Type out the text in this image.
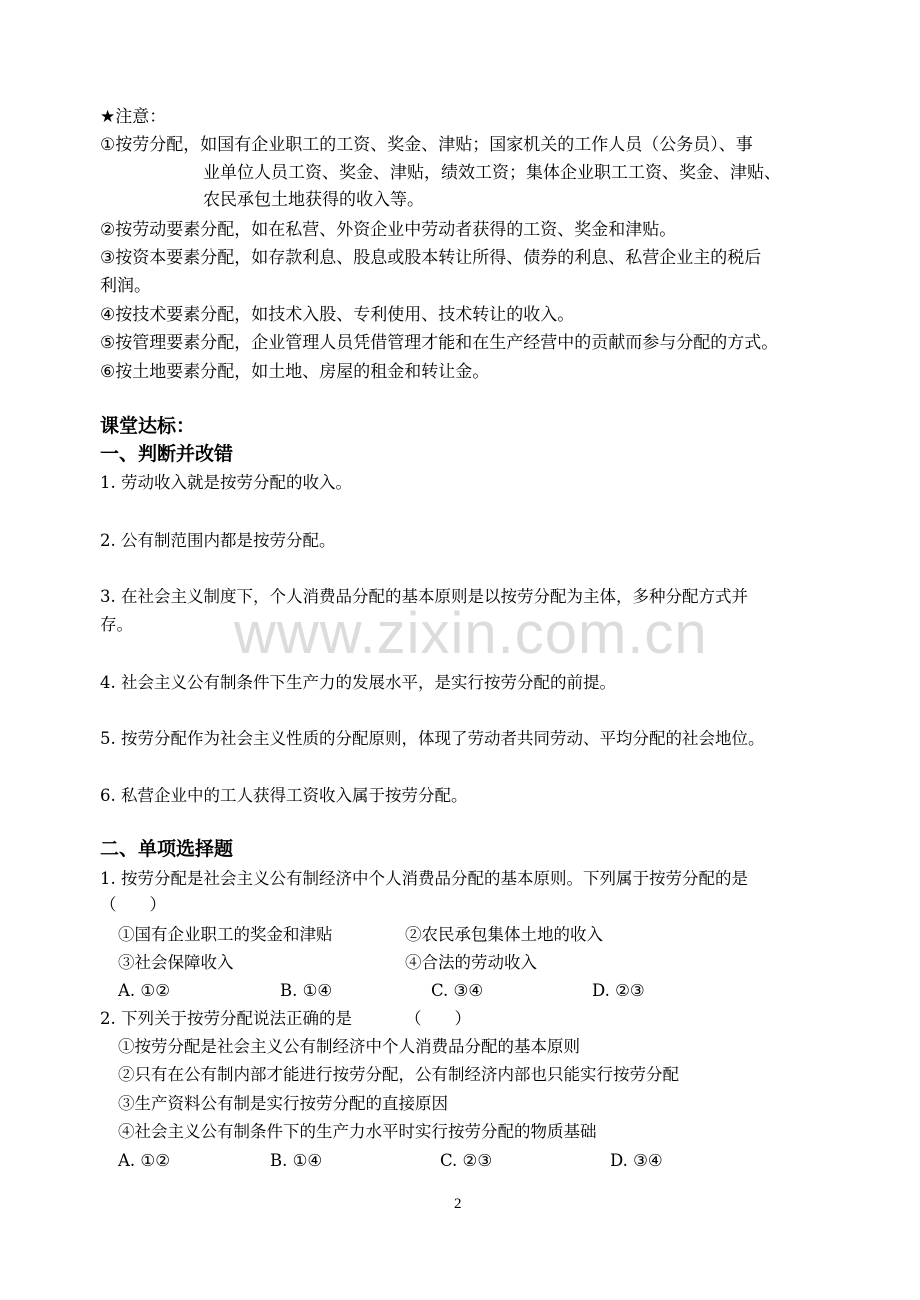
www.zixin.com.cn
★注意：
①按劳分配，如国有企业职工的工资、奖金、津贴；国家机关的工作人员（公务员）、事
业单位人员工资、奖金、津贴，绩效工资；集体企业职工工资、奖金、津贴、
农民承包土地获得的收入等。
②按劳动要素分配，如在私营、外资企业中劳动者获得的工资、奖金和津贴。
③按资本要素分配，如存款利息、股息或股本转让所得、债券的利息、私营企业主的税后
利润。
④按技术要素分配，如技术入股、专利使用、技术转让的收入。
⑤按管理要素分配，企业管理人员凭借管理才能和在生产经营中的贡献而参与分配的方式。
⑥按土地要素分配，如土地、房屋的租金和转让金。
课堂达标：
一、判断并改错
1. 劳动收入就是按劳分配的收入。
2. 公有制范围内都是按劳分配。
3. 在社会主义制度下，个人消费品分配的基本原则是以按劳分配为主体，多种分配方式并
存。
4. 社会主义公有制条件下生产力的发展水平，是实行按劳分配的前提。
5. 按劳分配作为社会主义性质的分配原则，体现了劳动者共同劳动、平均分配的社会地位。
6. 私营企业中的工人获得工资收入属于按劳分配。
二、单项选择题
1. 按劳分配是社会主义公有制经济中个人消费品分配的基本原则。下列属于按劳分配的是
（　　）
①国有企业职工的奖金和津贴	②农民承包集体土地的收入
③社会保障收入	④合法的劳动收入
A. ①②	B. ①④	C. ③④	D. ②③
2. 下列关于按劳分配说法正确的是	（　　）
①按劳分配是社会主义公有制经济中个人消费品分配的基本原则
②只有在公有制内部才能进行按劳分配，公有制经济内部也只能实行按劳分配
③生产资料公有制是实行按劳分配的直接原因
④社会主义公有制条件下的生产力水平时实行按劳分配的物质基础
A. ①②	B. ①④	C. ②③	D. ③④
2
